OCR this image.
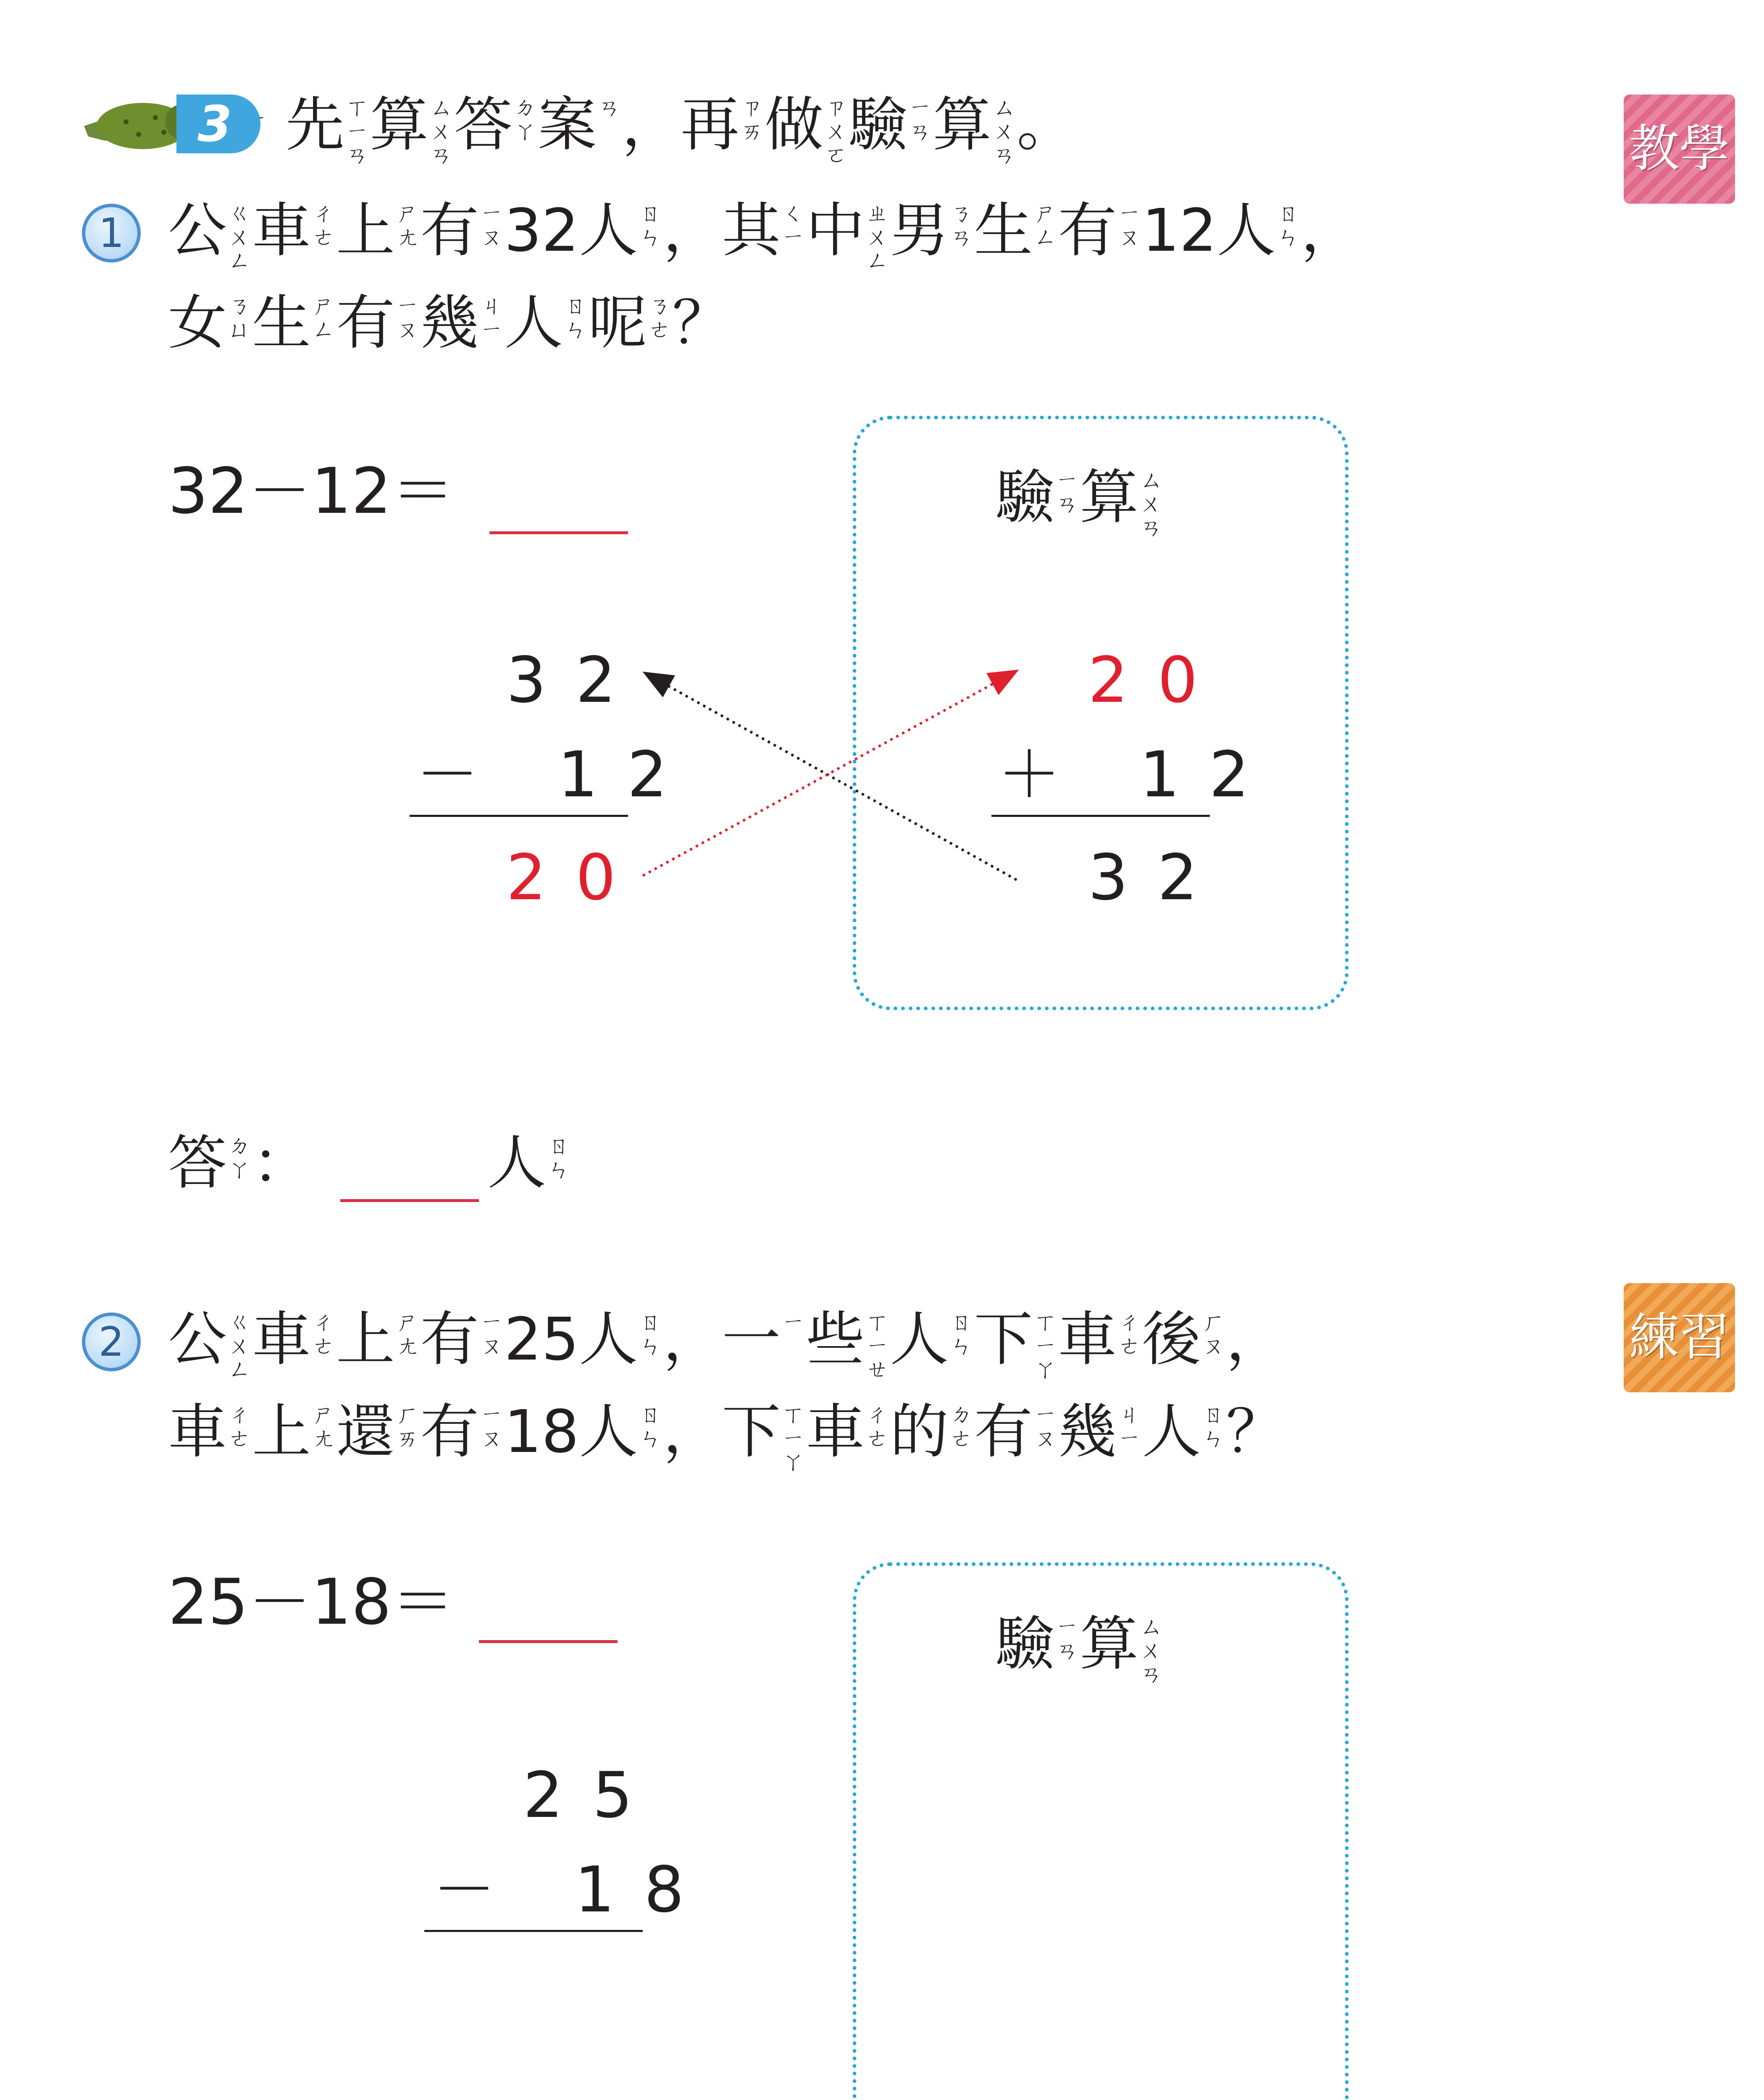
3 先 ㄒ
ㄧ
ㄢ 算 ㄙ
ㄨ
ㄢ 答 ㄉ
ㄚ 案 ㄢ ， 再 ㄗ
ㄞ 做 ㄗ
ㄨ
ㄛ 驗 ㄧ
ㄢ 算 ㄙ
ㄨ
ㄢ 。	教學
練習
1 公 ㄍ
ㄨ
ㄥ 車 ㄔ
ㄜ 上 ㄕ
ㄤ 有 ㄧ
ㄡ 32 人 ㄖ
ㄣ ， 其 ㄑ
ㄧ 中 ㄓ
ㄨ
ㄥ 男 ㄋ
ㄢ 生 ㄕ
ㄥ 有 ㄧ
ㄡ 12 人 ㄖ
ㄣ ，
女 ㄋ
ㄩ 生 ㄕ
ㄥ 有 ㄧ
ㄡ 幾 ㄐ
ㄧ 人 ㄖ
ㄣ 呢 ㄋ
ㄜ ？
32－12＝
32
－ 12
20
驗 ㄧ
ㄢ 算 ㄙ
ㄨ
ㄢ
20
＋ 12
32
答 ㄉ
ㄚ ：	人 ㄖ
ㄣ
2 公 ㄍ
ㄨ
ㄥ 車 ㄔ
ㄜ 上 ㄕ
ㄤ 有 ㄧ
ㄡ 25 人 ㄖ
ㄣ ， 一 ㄧ 些 ㄒ
ㄧ
ㄝ 人 ㄖ
ㄣ 下 ㄒ
ㄧ
ㄚ 車 ㄔ
ㄜ 後 ㄏ
ㄡ ，
車 ㄔ
ㄜ 上 ㄕ
ㄤ 還 ㄏ
ㄞ 有 ㄧ
ㄡ 18 人 ㄖ
ㄣ ， 下 ㄒ
ㄧ
ㄚ 車 ㄔ
ㄜ 的 ㄉ
ㄜ 有 ㄧ
ㄡ 幾 ㄐ
ㄧ 人 ㄖ
ㄣ ？
25－18＝
25
－ 18
驗 ㄧ
ㄢ 算 ㄙ
ㄨ
ㄢ
